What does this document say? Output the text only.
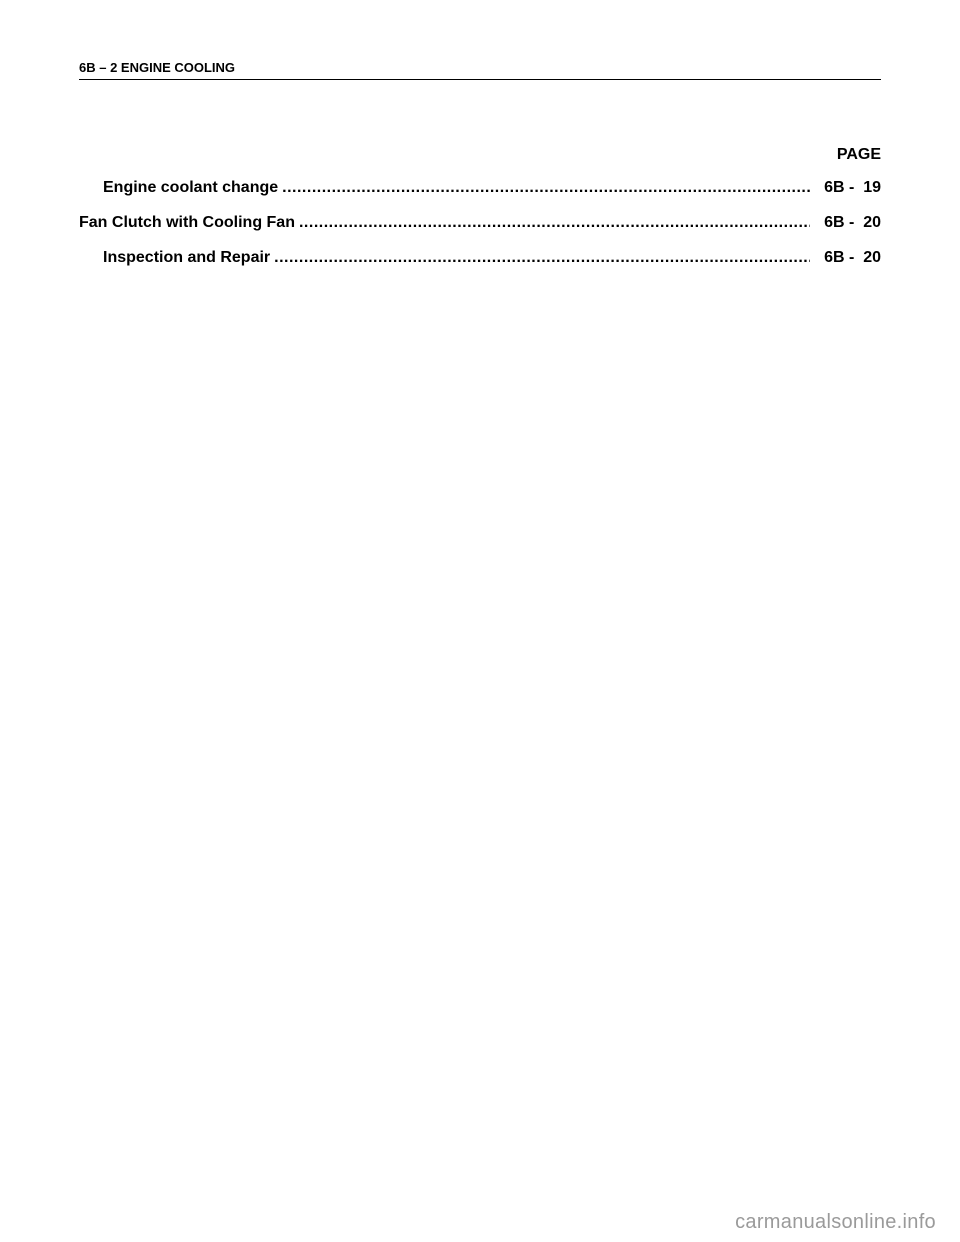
6B – 2 ENGINE COOLING
PAGE
Engine coolant change .....	6B -  19
Fan Clutch with Cooling Fan .....	6B -  20
Inspection and Repair .....	6B -  20
carmanualsonline.info
